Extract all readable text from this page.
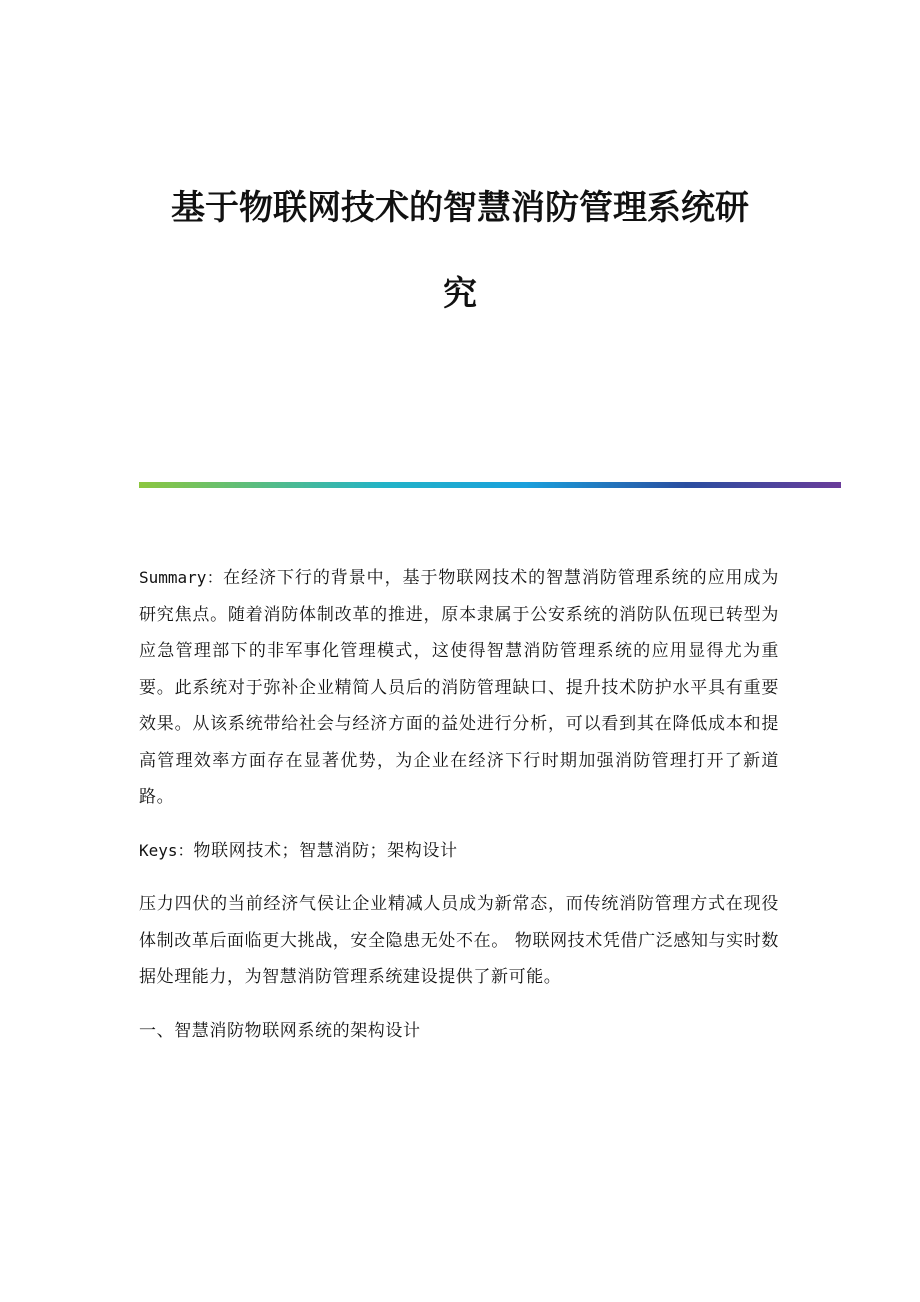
基于物联网技术的智慧消防管理系统研
究

Summary：在经济下行的背景中，基于物联网技术的智慧消防管理系统的应用成为研究焦点。随着消防体制改革的推进，原本隶属于公安系统的消防队伍现已转型为应急管理部下的非军事化管理模式，这使得智慧消防管理系统的应用显得尤为重要。此系统对于弥补企业精简人员后的消防管理缺口、提升技术防护水平具有重要效果。从该系统带给社会与经济方面的益处进行分析，可以看到其在降低成本和提高管理效率方面存在显著优势，为企业在经济下行时期加强消防管理打开了新道路。

Keys：物联网技术；智慧消防；架构设计

压力四伏的当前经济气侯让企业精减人员成为新常态，而传统消防管理方式在现役体制改革后面临更大挑战，安全隐患无处不在。 物联网技术凭借广泛感知与实时数据处理能力，为智慧消防管理系统建设提供了新可能。

一、智慧消防物联网系统的架构设计
